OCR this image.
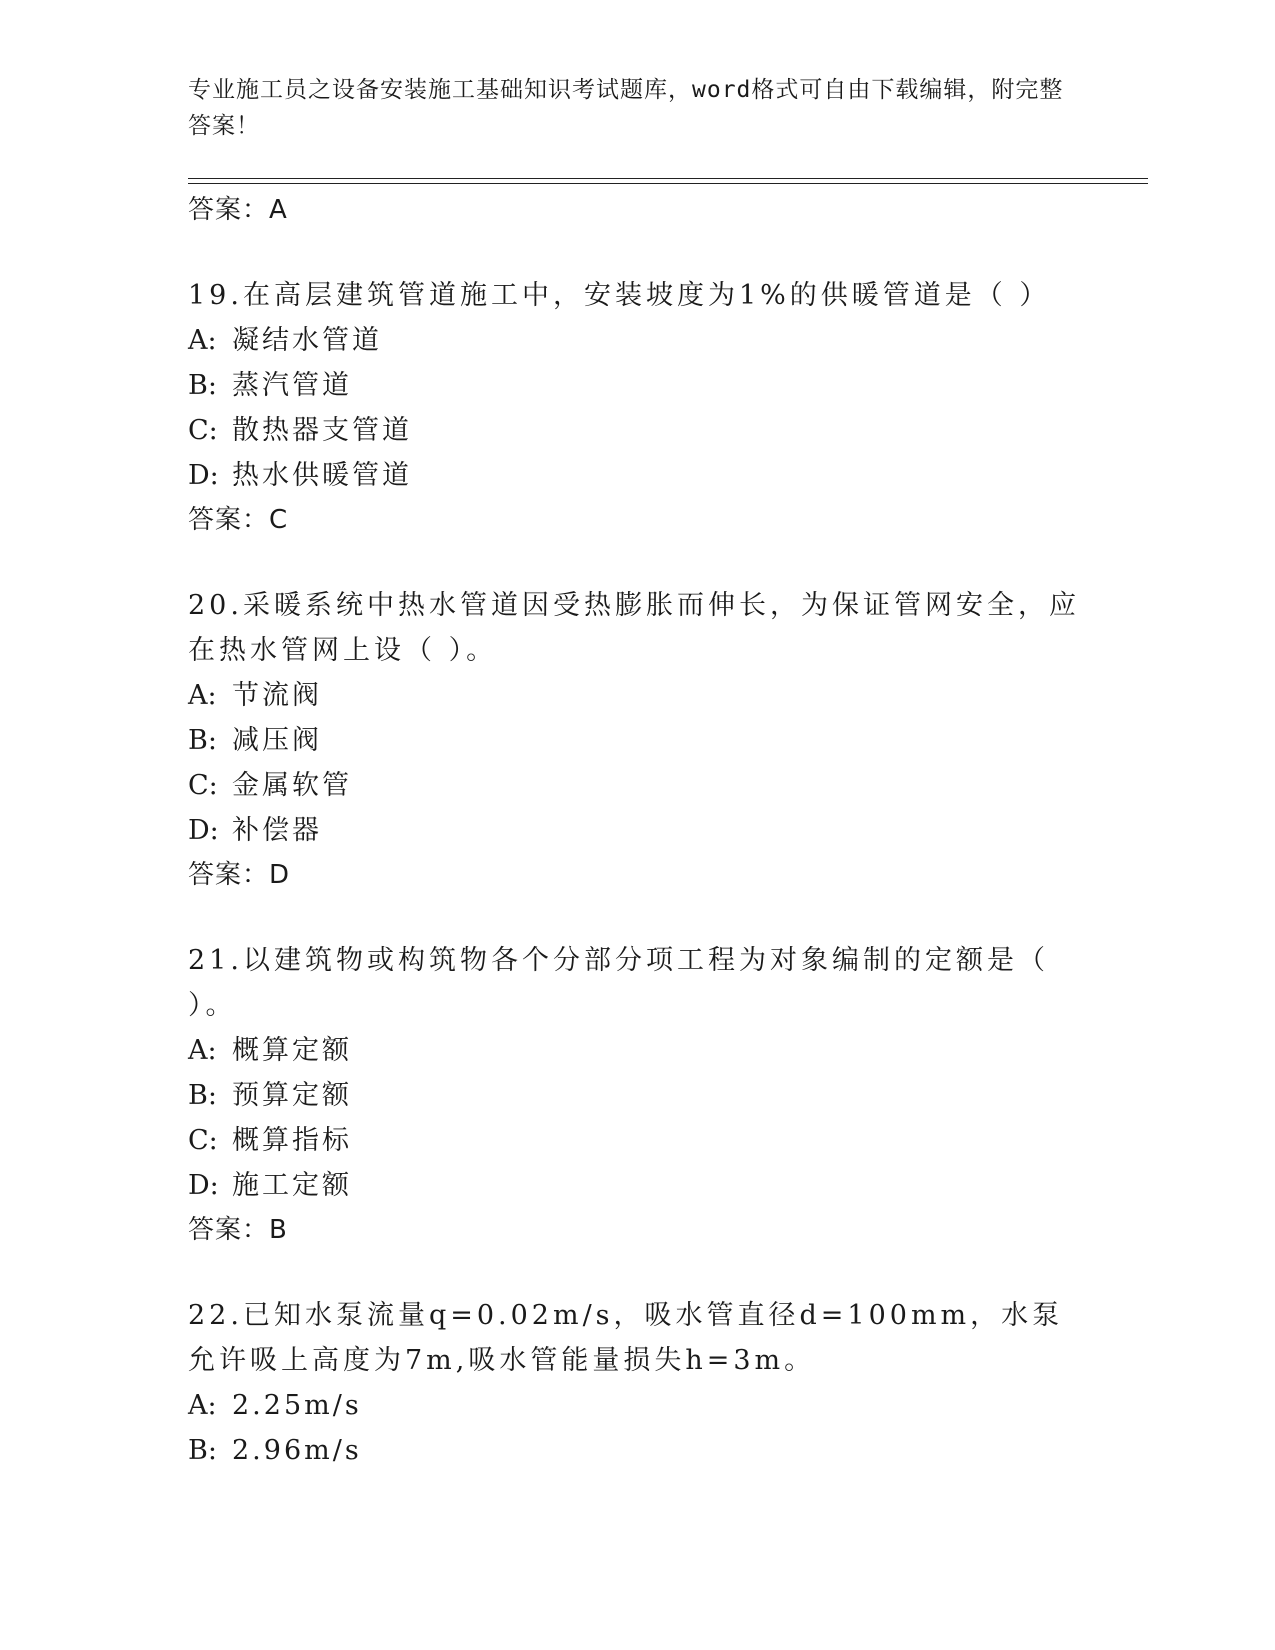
专业施工员之设备安装施工基础知识考试题库，word格式可自由下载编辑，附完整答案！
答案：A
19.在高层建筑管道施工中，安装坡度为1%的供暖管道是（ ）
A: 凝结水管道
B: 蒸汽管道
C: 散热器支管道
D: 热水供暖管道
答案：C
20.采暖系统中热水管道因受热膨胀而伸长，为保证管网安全，应在热水管网上设（ ）。
A: 节流阀
B: 减压阀
C: 金属软管
D: 补偿器
答案：D
21.以建筑物或构筑物各个分部分项工程为对象编制的定额是（ ）。
A: 概算定额
B: 预算定额
C: 概算指标
D: 施工定额
答案：B
22.已知水泵流量q=0.02m/s，吸水管直径d=100mm，水泵允许吸上高度为7m,吸水管能量损失h=3m。
A: 2.25m/s
B: 2.96m/s
